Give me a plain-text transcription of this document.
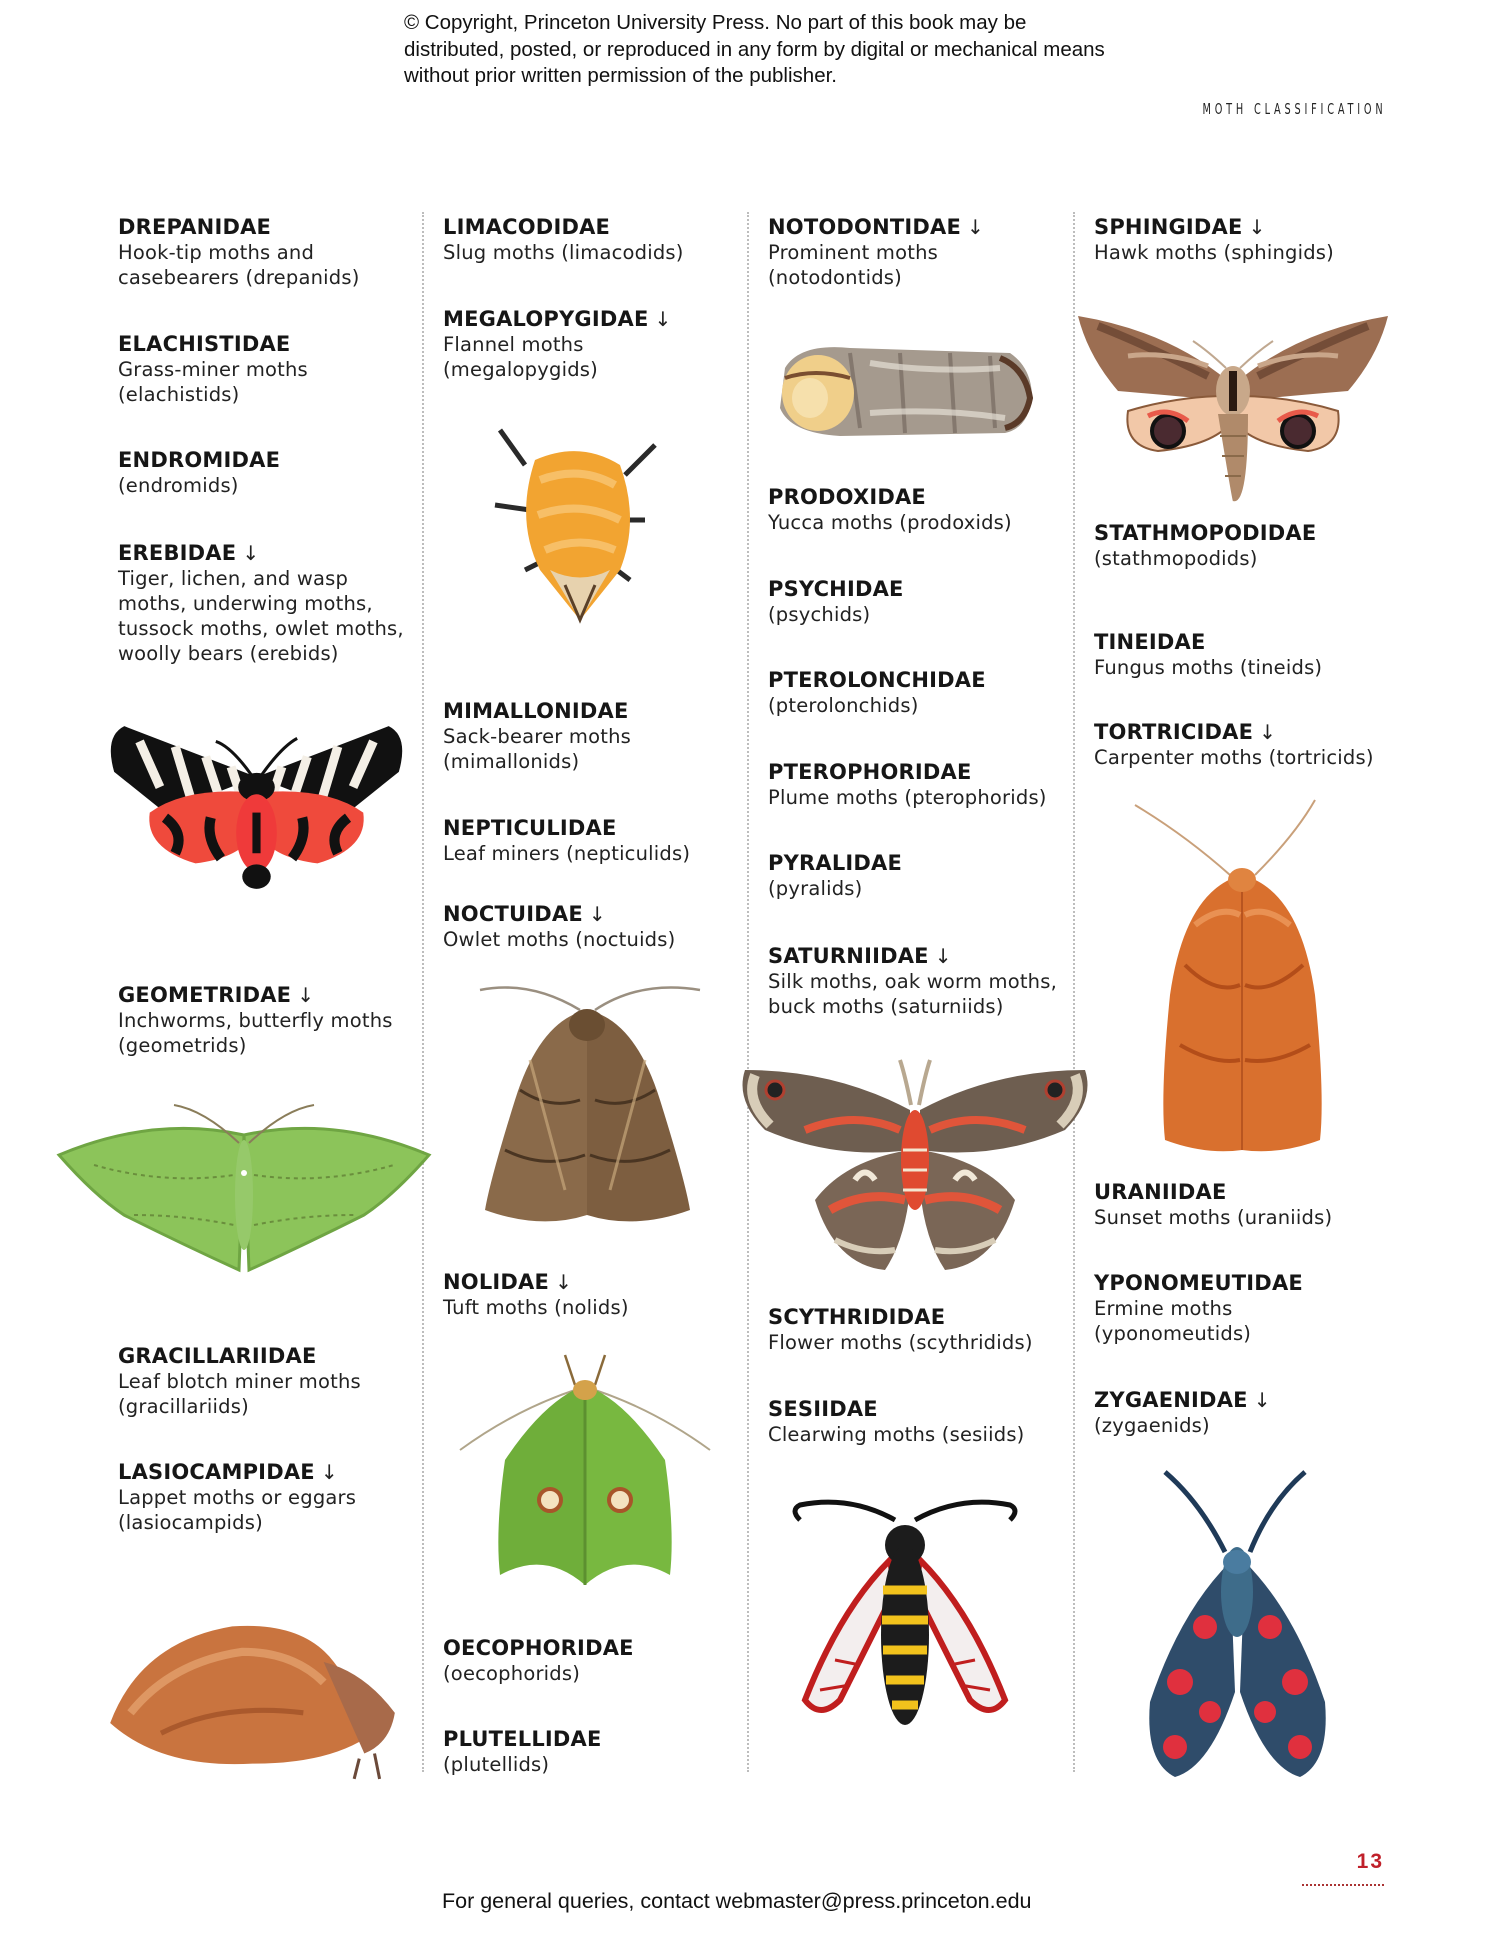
© Copyright, Princeton University Press. No part of this book may be distributed, posted, or reproduced in any form by digital or mechanical means without prior written permission of the publisher.
MOTH CLASSIFICATION
DREPANIDAE
Hook-tip moths and casebearers (drepanids)
ELACHISTIDAE
Grass-miner moths (elachistids)
ENDROMIDAE
(endromids)
EREBIDAE ↓
Tiger, lichen, and wasp moths, underwing moths, tussock moths, owlet moths, woolly bears (erebids)
GEOMETRIDAE ↓
Inchworms, butterfly moths (geometrids)
GRACILLARIIDAE
Leaf blotch miner moths (gracillariids)
LASIOCAMPIDAE ↓
Lappet moths or eggars (lasiocampids)
LIMACODIDAE
Slug moths (limacodids)
MEGALOPYGIDAE ↓
Flannel moths (megalopygids)
MIMALLONIDAE
Sack-bearer moths (mimallonids)
NEPTICULIDAE
Leaf miners (nepticulids)
NOCTUIDAE ↓
Owlet moths (noctuids)
NOLIDAE ↓
Tuft moths (nolids)
OECOPHORIDAE
(oecophorids)
PLUTELLIDAE
(plutellids)
NOTODONTIDAE ↓
Prominent moths (notodontids)
PRODOXIDAE
Yucca moths (prodoxids)
PSYCHIDAE
(psychids)
PTEROLONCHIDAE
(pterolonchids)
PTEROPHORIDAE
Plume moths (pterophorids)
PYRALIDAE
(pyralids)
SATURNIIDAE ↓
Silk moths, oak worm moths, buck moths (saturniids)
SCYTHRIDIDAE
Flower moths (scythridids)
SESIIDAE
Clearwing moths (sesiids)
SPHINGIDAE ↓
Hawk moths (sphingids)
STATHMOPODIDAE
(stathmopodids)
TINEIDAE
Fungus moths (tineids)
TORTRICIDAE ↓
Carpenter moths (tortricids)
URANIIDAE
Sunset moths (uraniids)
YPONOMEUTIDAE
Ermine moths (yponomeutids)
ZYGAENIDAE ↓
(zygaenids)
13
For general queries, contact webmaster@press.princeton.edu
